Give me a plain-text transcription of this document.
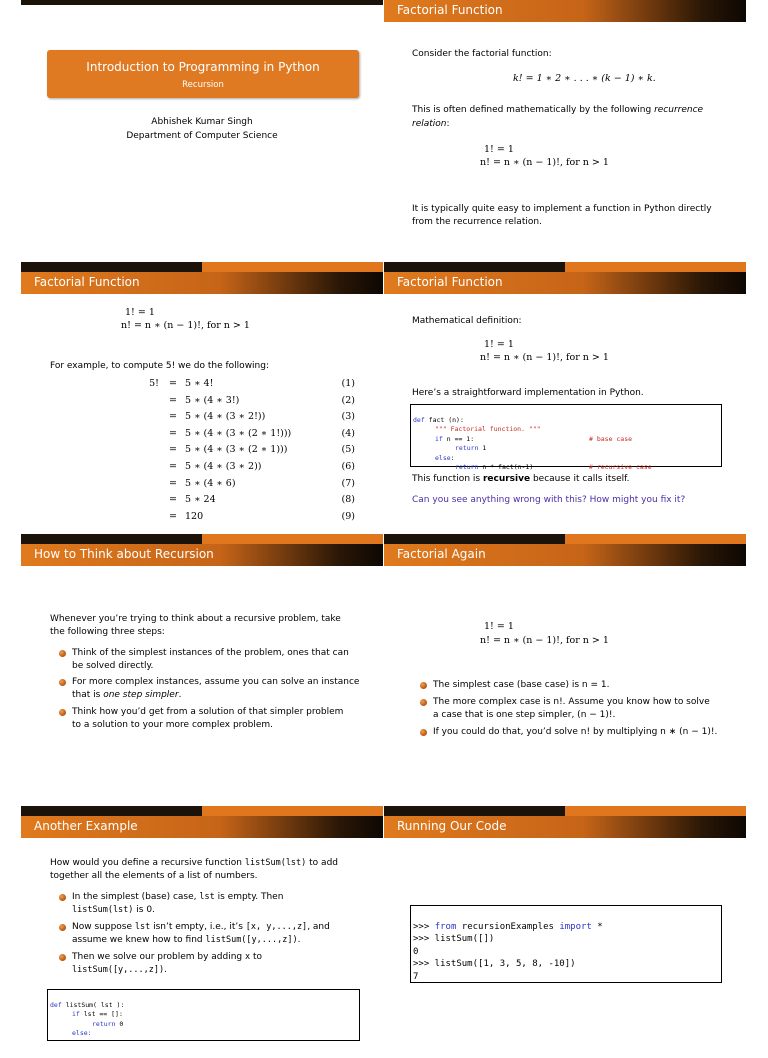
Introduction to Programming in Python
Recursion
Abhishek Kumar Singh
Department of Computer Science
Factorial Function
Consider the factorial function:
k! = 1 ∗ 2 ∗ . . . ∗ (k − 1) ∗ k.
This is often defined mathematically by the following recurrence
relation:
1! = 1
n! = n ∗ (n − 1)!, for n > 1
It is typically quite easy to implement a function in Python directly
from the recurrence relation.
Factorial Function
1! = 1
n! = n ∗ (n − 1)!, for n > 1
For example, to compute 5! we do the following:
5! = 5 ∗ 4!	(1)
= 5 ∗ (4 ∗ 3!)	(2)
= 5 ∗ (4 ∗ (3 ∗ 2!))	(3)
= 5 ∗ (4 ∗ (3 ∗ (2 ∗ 1!)))	(4)
= 5 ∗ (4 ∗ (3 ∗ (2 ∗ 1)))	(5)
= 5 ∗ (4 ∗ (3 ∗ 2))	(6)
= 5 ∗ (4 ∗ 6)	(7)
= 5 ∗ 24	(8)
= 120	(9)
Factorial Function
Mathematical definition:
1! = 1
n! = n ∗ (n − 1)!, for n > 1
Here’s a straightforward implementation in Python.

def fact (n):
""" Factorial function. """
if n == 1:	# base case
return 1
else:
return n * fact(n-1)	# recursive case

This function is recursive because it calls itself.
Can you see anything wrong with this? How might you fix it?
How to Think about Recursion
Whenever you’re trying to think about a recursive problem, take
the following three steps:
Think of the simplest instances of the problem, ones that can
be solved directly.
For more complex instances, assume you can solve an instance
that is one step simpler.
Think how you’d get from a solution of that simpler problem
to a solution to your more complex problem.
Factorial Again
1! = 1
n! = n ∗ (n − 1)!, for n > 1
The simplest case (base case) is n = 1.
The more complex case is n!. Assume you know how to solve
a case that is one step simpler, (n − 1)!.
If you could do that, you’d solve n! by multiplying n ∗ (n − 1)!.
Another Example
How would you define a recursive function listSum(lst) to add
together all the elements of a list of numbers.
In the simplest (base) case, lst is empty. Then
listSum(lst) is 0.
Now suppose lst isn’t empty, i.e., it’s [x, y,...,z], and
assume we knew how to find listSum([y,...,z]).
Then we solve our problem by adding x to
listSum([y,...,z]).

def listSum( lst ):
if lst == []:
return 0
else:

Running Our Code

>>> from recursionExamples import *
>>> listSum([])
0
>>> listSum([1, 3, 5, 8, -10])
7
